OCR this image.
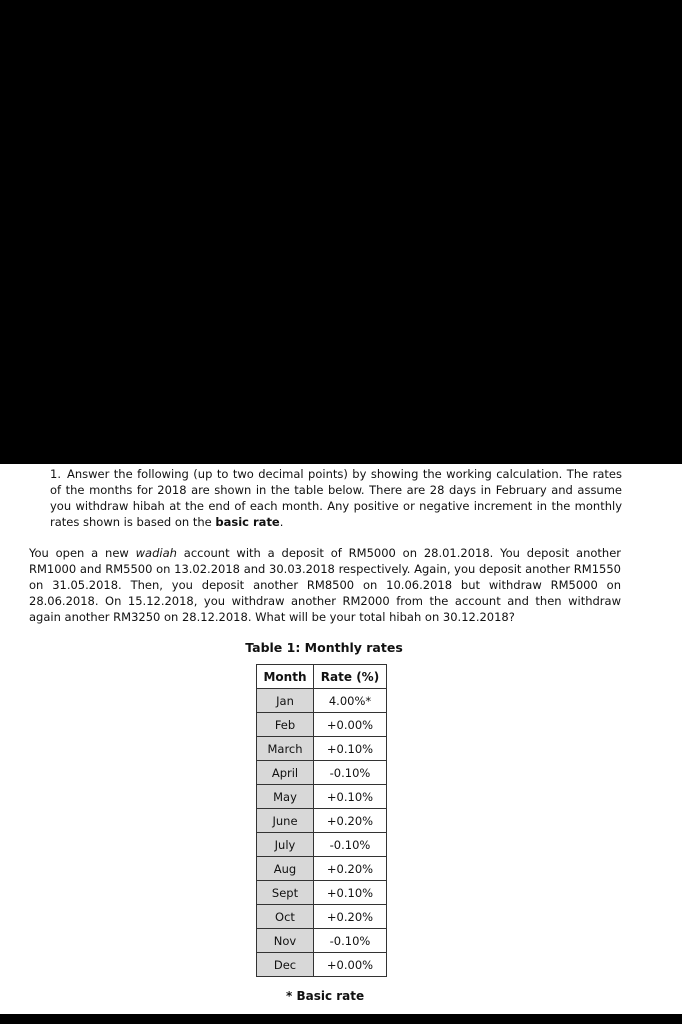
1. Answer the following (up to two decimal points) by showing the working calculation. The rates of the months for 2018 are shown in the table below. There are 28 days in February and assume you withdraw hibah at the end of each month. Any positive or negative increment in the monthly rates shown is based on the basic rate.
You open a new wadiah account with a deposit of RM5000 on 28.01.2018. You deposit another RM1000 and RM5500 on 13.02.2018 and 30.03.2018 respectively. Again, you deposit another RM1550 on 31.05.2018. Then, you deposit another RM8500 on 10.06.2018 but withdraw RM5000 on 28.06.2018. On 15.12.2018, you withdraw another RM2000 from the account and then withdraw again another RM3250 on 28.12.2018. What will be your total hibah on 30.12.2018?
Table 1: Monthly rates
Month	Rate (%)
Jan	4.00%*
Feb	+0.00%
March	+0.10%
April	-0.10%
May	+0.10%
June	+0.20%
July	-0.10%
Aug	+0.20%
Sept	+0.10%
Oct	+0.20%
Nov	-0.10%
Dec	+0.00%
* Basic rate
